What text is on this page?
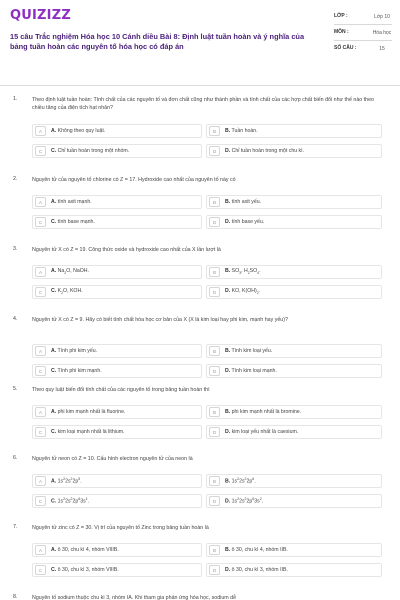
QUIZIZZ
15 câu Trắc nghiệm Hóa học 10 Cánh diều Bài 8: Định luật tuần hoàn và ý nghĩa của bảng tuần hoàn các nguyên tố hóa học có đáp án
LỚP :	Lớp 10
MÔN :	Hóa học
SỐ CÂU :	15
1.	Theo định luật tuần hoàn: Tính chất của các nguyên tố và đơn chất cũng như thành phần và tính chất của các hợp chất biến đổi như thế nào theo chiều tăng của điện tích hạt nhân?
A	A. Không theo quy luật.	B	B. Tuần hoàn.
C	C. Chỉ tuần hoàn trong một nhóm.	D	D. Chỉ tuần hoàn trong một chu kì.
2.	Nguyên tử của nguyên tố chlorine có Z = 17. Hydroxide cao nhất của nguyên tố này có
A	A. tính axit mạnh.	B	B. tính axit yếu.
C	C. tính base mạnh.	D	D. tính base yếu.
3.	Nguyên tử X có Z = 19. Công thức oxide và hydroxide cao nhất của X lần lượt là
A	A. $Na_2O$, NaOH.	B	B. $SO_3$, $H_2SO_4$.
C	C. $K_2O$, KOH.	D	D. KO, $K(OH)_2$.
4.	Nguyên tử X có Z = 9. Hãy có biết tính chất hóa học cơ bản của X (X là kim loại hay phi kim, mạnh hay yếu)?
A	A. Tính phi kim yếu.	B	B. Tính kim loại yếu.
C	C. Tính phi kim mạnh.	D	D. Tính kim loại mạnh.
5.	Theo quy luật biến đổi tính chất của các nguyên tố trong bảng tuần hoàn thì
A	A. phi kim mạnh nhất là fluorine.	B	B. phi kim mạnh nhất là bromine.
C	C. kim loại mạnh nhất là lithium.	D	D. kim loại yếu nhất là caesium.
6.	Nguyên tử neon có Z = 10. Cấu hình electron nguyên tử của neon là
A	A. $1s^22s^22p^5$.	B	B. $1s^22s^22p^6$.
C	C. $1s^22s^22p^63s^1$.	D	D. $1s^22s^22p^63s^2$.
7.	Nguyên tử zinc có Z = 30. Vị trí của nguyên tố Zinc trong bảng tuần hoàn là
A	A. ô 30, chu kì 4, nhóm VIIIB.	B	B. ô 30, chu kì 4, nhóm IIB.
C	C. ô 30, chu kì 3, nhóm VIIIB.	D	D. ô 30, chu kì 3, nhóm IIB.
8.	Nguyên tố sodium thuộc chu kì 3, nhóm IA. Khi tham gia phản ứng hóa học, sodium dễ
